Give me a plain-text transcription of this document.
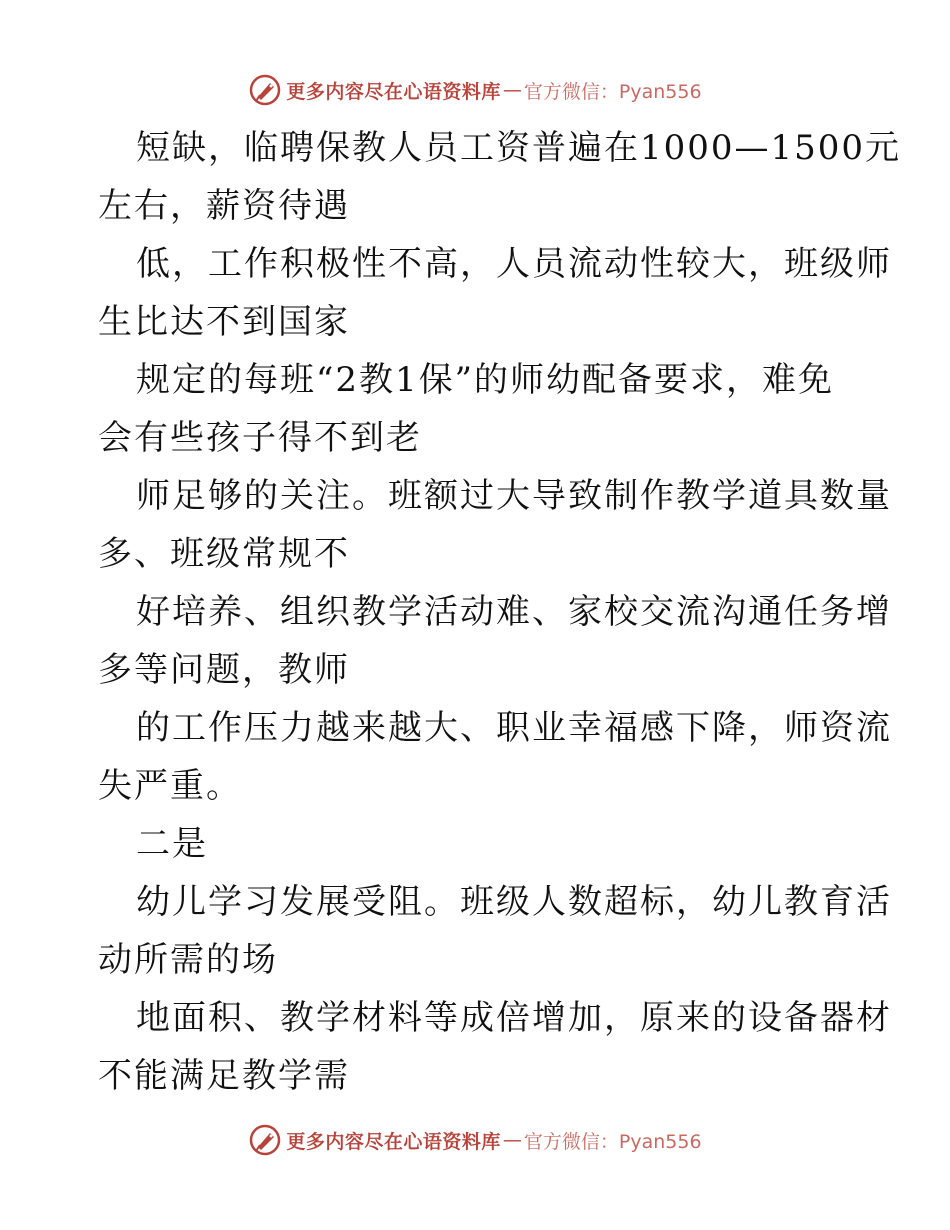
更多内容尽在心语资料库 — 官方微信：Pyan556
短缺，临聘保教人员工资普遍在1000—1500元
左右，薪资待遇
低，工作积极性不高，人员流动性较大，班级师
生比达不到国家
规定的每班“2教1保”的师幼配备要求，难免
会有些孩子得不到老
师足够的关注。班额过大导致制作教学道具数量
多、班级常规不
好培养、组织教学活动难、家校交流沟通任务增
多等问题，教师
的工作压力越来越大、职业幸福感下降，师资流
失严重。
二是
幼儿学习发展受阻。班级人数超标，幼儿教育活
动所需的场
地面积、教学材料等成倍增加，原来的设备器材
不能满足教学需
更多内容尽在心语资料库 — 官方微信：Pyan556
